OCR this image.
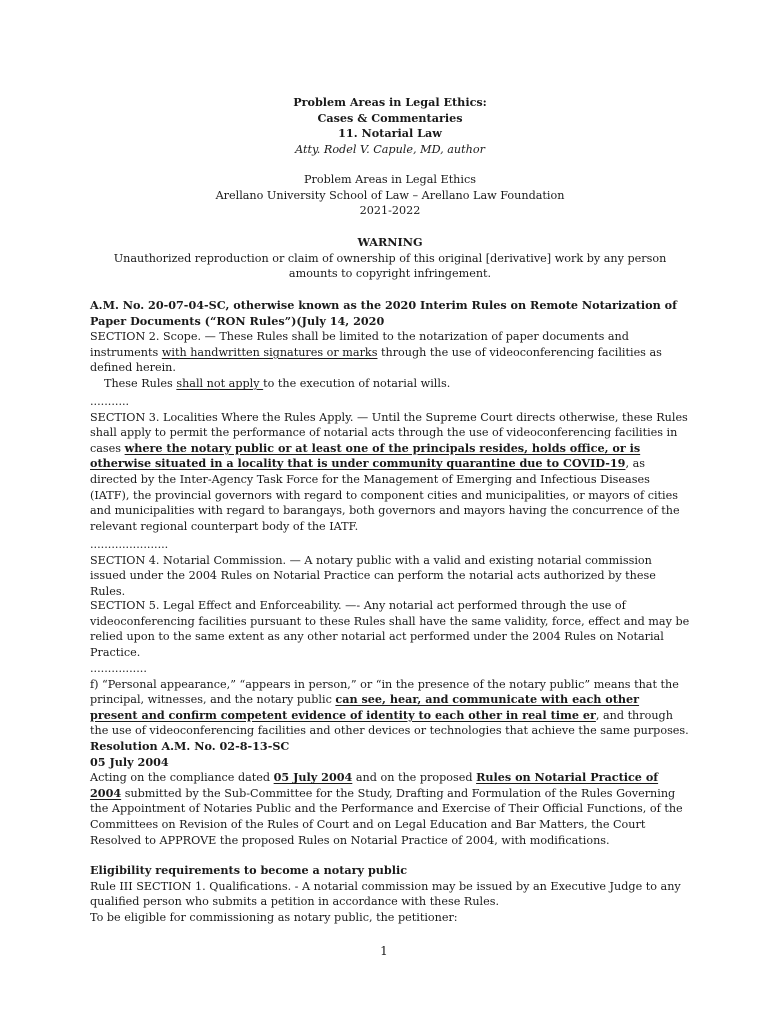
Problem Areas in Legal Ethics:

Cases & Commentaries

11. Notarial Law

Atty. Rodel V. Capule, MD, author

Problem Areas in Legal Ethics

Arellano University School of Law – Arellano Law Foundation

2021-2022

WARNING

Unauthorized reproduction or claim of ownership of this original [derivative] work by any person amounts to copyright infringement.

A.M. No. 20-07-04-SC, otherwise known as the 2020 Interim Rules on Remote Notarization of Paper Documents (“RON Rules”)(July 14, 2020

SECTION 2. Scope. — These Rules shall be limited to the notarization of paper documents and instruments with handwritten signatures or marks through the use of videoconferencing facilities as defined herein.

These Rules shall not apply to the execution of notarial wills.

...........

SECTION 3. Localities Where the Rules Apply. — Until the Supreme Court directs otherwise, these Rules shall apply to permit the performance of notarial acts through the use of videoconferencing facilities in cases where the notary public or at least one of the principals resides, holds office, or is otherwise situated in a locality that is under community quarantine due to COVID-19, as directed by the Inter-Agency Task Force for the Management of Emerging and Infectious Diseases (IATF), the provincial governors with regard to component cities and municipalities, or mayors of cities and municipalities with regard to barangays, both governors and mayors having the concurrence of the relevant regional counterpart body of the IATF.

......................

SECTION 4. Notarial Commission. — A notary public with a valid and existing notarial commission issued under the 2004 Rules on Notarial Practice can perform the notarial acts authorized by these Rules.

SECTION 5. Legal Effect and Enforceability. —- Any notarial act performed through the use of videoconferencing facilities pursuant to these Rules shall have the same validity, force, effect and may be relied upon to the same extent as any other notarial act performed under the 2004 Rules on Notarial Practice.

................

f) “Personal appearance,” “appears in person,” or “in the presence of the notary public” means that the principal, witnesses, and the notary public can see, hear, and communicate with each other present and confirm competent evidence of identity to each other in real time er, and through the use of videoconferencing facilities and other devices or technologies that achieve the same purposes.

Resolution A.M. No. 02-8-13-SC

05 July 2004

Acting on the compliance dated 05 July 2004 and on the proposed Rules on Notarial Practice of 2004 submitted by the Sub-Committee for the Study, Drafting and Formulation of the Rules Governing the Appointment of Notaries Public and the Performance and Exercise of Their Official Functions, of the Committees on Revision of the Rules of Court and on Legal Education and Bar Matters, the Court Resolved to APPROVE the proposed Rules on Notarial Practice of 2004, with modifications.

Eligibility requirements to become a notary public

Rule III SECTION 1. Qualifications. - A notarial commission may be issued by an Executive Judge to any qualified person who submits a petition in accordance with these Rules.

To be eligible for commissioning as notary public, the petitioner:

1
